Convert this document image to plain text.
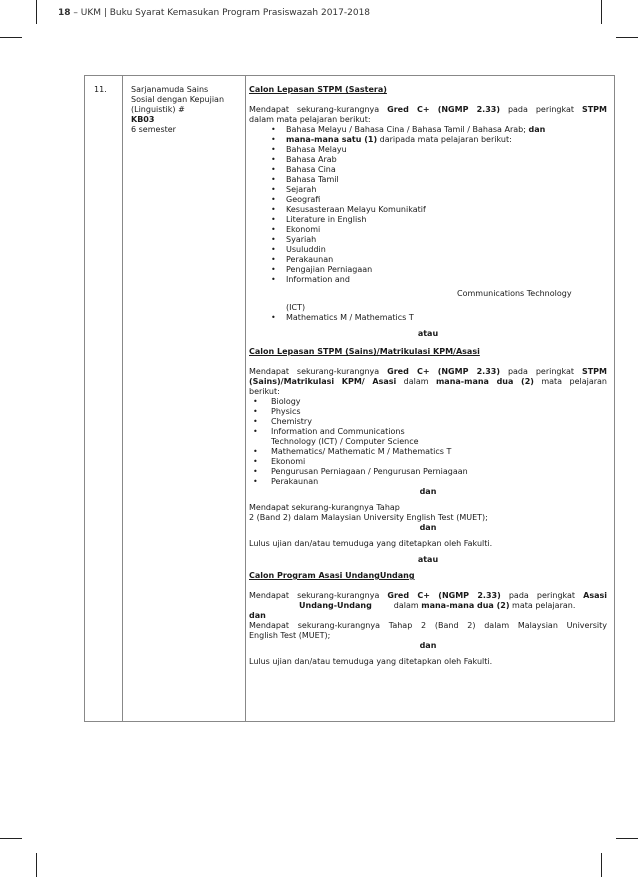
18 – UKM | Buku Syarat Kemasukan Program Prasiswazah 2017-2018
11.	Sarjanamuda Sains
Sosial dengan Kepujian
(Linguistik) #
KB03
6 semester
Calon Lepasan STPM (Sastera)
Mendapat sekurang-kurangnya Gred C+ (NGMP 2.33) pada peringkat STPM
dalam mata pelajaran berikut:
• Bahasa Melayu / Bahasa Cina / Bahasa Tamil / Bahasa Arab; dan
• mana-mana satu (1) daripada mata pelajaran berikut:
• Bahasa Melayu
• Bahasa Arab
• Bahasa Cina
• Bahasa Tamil
• Sejarah
• Geografi
• Kesusasteraan Melayu Komunikatif
• Literature in English
• Ekonomi
• Syariah
• Usuluddin
• Perakaunan
• Pengajian Perniagaan
• Information and
Communications Technology
(ICT)
• Mathematics M / Mathematics T
atau
Calon Lepasan STPM (Sains)/Matrikulasi KPM/Asasi
Mendapat sekurang-kurangnya Gred C+ (NGMP 2.33) pada peringkat STPM
(Sains)/Matrikulasi KPM/ Asasi dalam mana-mana dua (2) mata pelajaran
berikut:
• Biology
• Physics
• Chemistry
• Information and Communications
Technology (ICT) / Computer Science
• Mathematics/ Mathematic M / Mathematics T
• Ekonomi
• Pengurusan Perniagaan / Pengurusan Perniagaan
• Perakaunan
dan
Mendapat sekurang-kurangnya Tahap
2 (Band 2) dalam Malaysian University English Test (MUET);
dan
Lulus ujian dan/atau temuduga yang ditetapkan oleh Fakulti.
atau
Calon Program Asasi UndangUndang
Mendapat sekurang-kurangnya Gred C+ (NGMP 2.33) pada peringkat Asasi
Undang-Undang	dalam mana-mana dua (2) mata pelajaran.
dan
Mendapat sekurang-kurangnya Tahap 2 (Band 2) dalam Malaysian University
English Test (MUET);
dan
Lulus ujian dan/atau temuduga yang ditetapkan oleh Fakulti.
